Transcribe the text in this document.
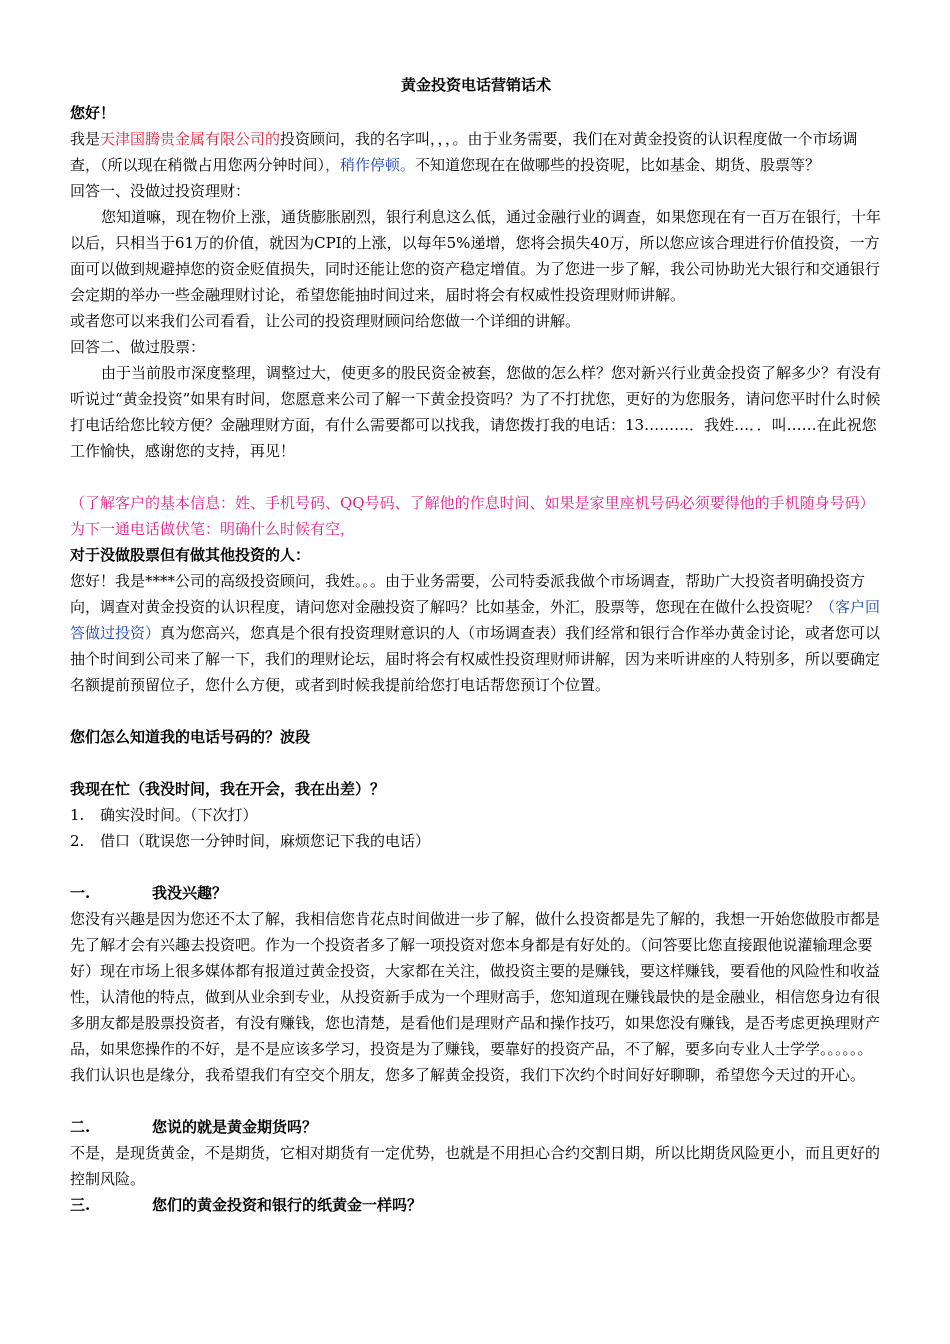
黄金投资电话营销话术

您好！

我是天津国腾贵金属有限公司的投资顾问，我的名字叫，，，。由于业务需要，我们在对黄金投资的认识程度做一个市场调查，（所以现在稍微占用您两分钟时间），稍作停顿。不知道您现在在做哪些的投资呢，比如基金、期货、股票等？

回答一、没做过投资理财：

您知道嘛，现在物价上涨，通货膨胀剧烈，银行利息这么低，通过金融行业的调查，如果您现在有一百万在银行，十年以后，只相当于61万的价值，就因为CPI的上涨，以每年5%递增，您将会损失40万，所以您应该合理进行价值投资，一方面可以做到规避掉您的资金贬值损失，同时还能让您的资产稳定增值。为了您进一步了解，我公司协助光大银行和交通银行会定期的举办一些金融理财讨论，希望您能抽时间过来，届时将会有权威性投资理财师讲解。

或者您可以来我们公司看看，让公司的投资理财顾问给您做一个详细的讲解。

回答二、做过股票：

由于当前股市深度整理，调整过大，使更多的股民资金被套，您做的怎么样？您对新兴行业黄金投资了解多少？有没有听说过“黄金投资”如果有时间，您愿意来公司了解一下黄金投资吗？为了不打扰您，更好的为您服务，请问您平时什么时候打电话给您比较方便？金融理财方面，有什么需要都可以找我，请您拨打我的电话：13………．我姓…．．叫……在此祝您工作愉快，感谢您的支持，再见！

（了解客户的基本信息：姓、手机号码、QQ号码、了解他的作息时间、如果是家里座机号码必须要得他的手机随身号码）为下一通电话做伏笔：明确什么时候有空，

对于没做股票但有做其他投资的人：

您好！我是****公司的高级投资顾问，我姓。。。由于业务需要，公司特委派我做个市场调查，帮助广大投资者明确投资方向，调查对黄金投资的认识程度，请问您对金融投资了解吗？比如基金，外汇，股票等，您现在在做什么投资呢？（客户回答做过投资）真为您高兴，您真是个很有投资理财意识的人（市场调查表）我们经常和银行合作举办黄金讨论，或者您可以抽个时间到公司来了解一下，我们的理财论坛，届时将会有权威性投资理财师讲解，因为来听讲座的人特别多，所以要确定名额提前预留位子，您什么方便，或者到时候我提前给您打电话帮您预订个位置。

您们怎么知道我的电话号码的？波段

我现在忙（我没时间，我在开会，我在出差）？

1. 确实没时间。（下次打）

2. 借口（耽误您一分钟时间，麻烦您记下我的电话）

一.	我没兴趣？

您没有兴趣是因为您还不太了解，我相信您肯花点时间做进一步了解，做什么投资都是先了解的，我想一开始您做股市都是先了解才会有兴趣去投资吧。作为一个投资者多了解一项投资对您本身都是有好处的。（问答要比您直接跟他说灌输理念要好）现在市场上很多媒体都有报道过黄金投资，大家都在关注，做投资主要的是赚钱，要这样赚钱，要看他的风险性和收益性，认清他的特点，做到从业余到专业，从投资新手成为一个理财高手，您知道现在赚钱最快的是金融业，相信您身边有很多朋友都是股票投资者，有没有赚钱，您也清楚，是看他们是理财产品和操作技巧，如果您没有赚钱，是否考虑更换理财产品，如果您操作的不好，是不是应该多学习，投资是为了赚钱，要靠好的投资产品，不了解，要多向专业人士学学。。。。。。我们认识也是缘分，我希望我们有空交个朋友，您多了解黄金投资，我们下次约个时间好好聊聊，希望您今天过的开心。

二.	您说的就是黄金期货吗？

不是，是现货黄金，不是期货，它相对期货有一定优势，也就是不用担心合约交割日期，所以比期货风险更小，而且更好的控制风险。

三.	您们的黄金投资和银行的纸黄金一样吗？
